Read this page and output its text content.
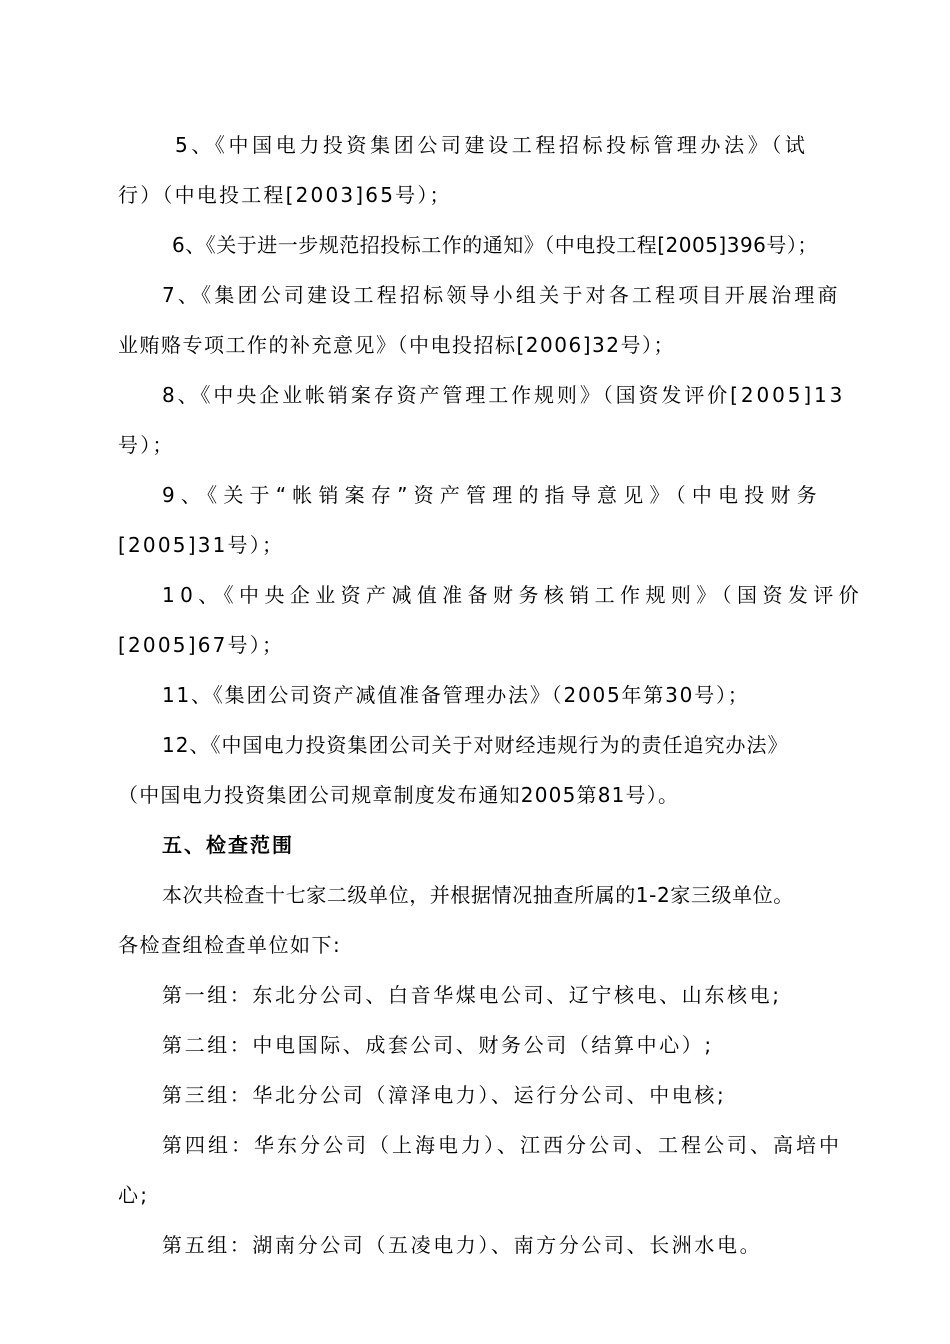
5、《中国电力投资集团公司建设工程招标投标管理办法》（试
行）（中电投工程[2003]65号）；
6、《关于进一步规范招投标工作的通知》（中电投工程[2005]396号）；
7、《集团公司建设工程招标领导小组关于对各工程项目开展治理商
业贿赂专项工作的补充意见》（中电投招标[2006]32号）；
8、《中央企业帐销案存资产管理工作规则》（国资发评价[2005]13
号）；
9、《关于“帐销案存”资产管理的指导意见》（中电投财务
[2005]31号）；
10、《中央企业资产减值准备财务核销工作规则》（国资发评价
[2005]67号）；
11、《集团公司资产减值准备管理办法》（2005年第30号）；
12、《中国电力投资集团公司关于对财经违规行为的责任追究办法》
（中国电力投资集团公司规章制度发布通知2005第81号）。
五、检查范围
本次共检查十七家二级单位，并根据情况抽查所属的1-2家三级单位。
各检查组检查单位如下:
第一组：东北分公司、白音华煤电公司、辽宁核电、山东核电;
第二组：中电国际、成套公司、财务公司（结算中心）;
第三组：华北分公司（漳泽电力）、运行分公司、中电核;
第四组：华东分公司（上海电力）、江西分公司、工程公司、高培中
心;
第五组：湖南分公司（五凌电力）、南方分公司、长洲水电。
